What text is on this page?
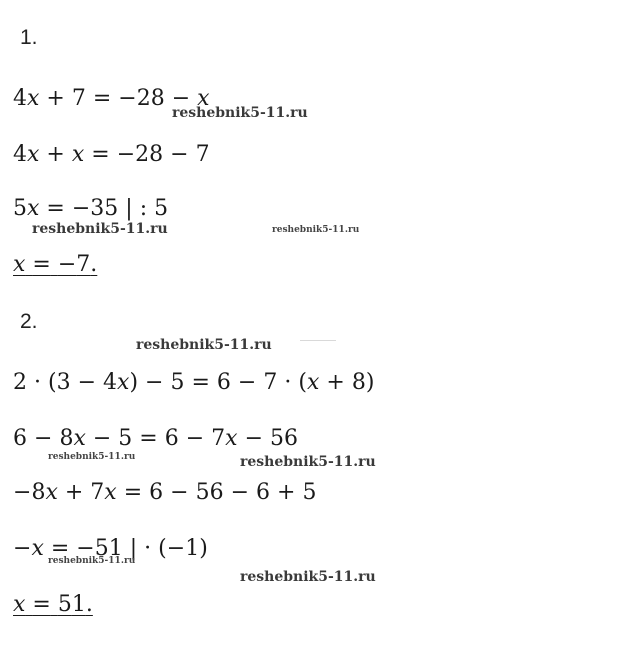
1.
4x + 7 = −28 − x
4x + x = −28 − 7
5x = −35 | : 5
x = −7.
2.
2 · (3 − 4x) − 5 = 6 − 7 · (x + 8)
6 − 8x − 5 = 6 − 7x − 56
−8x + 7x = 6 − 56 − 6 + 5
−x = −51 | · (−1)
x = 51.
reshebnik5-11.ru
reshebnik5-11.ru	reshebnik5-11.ru
reshebnik5-11.ru
reshebnik5-11.ru	reshebnik5-11.ru
reshebnik5-11.ru
reshebnik5-11.ru
